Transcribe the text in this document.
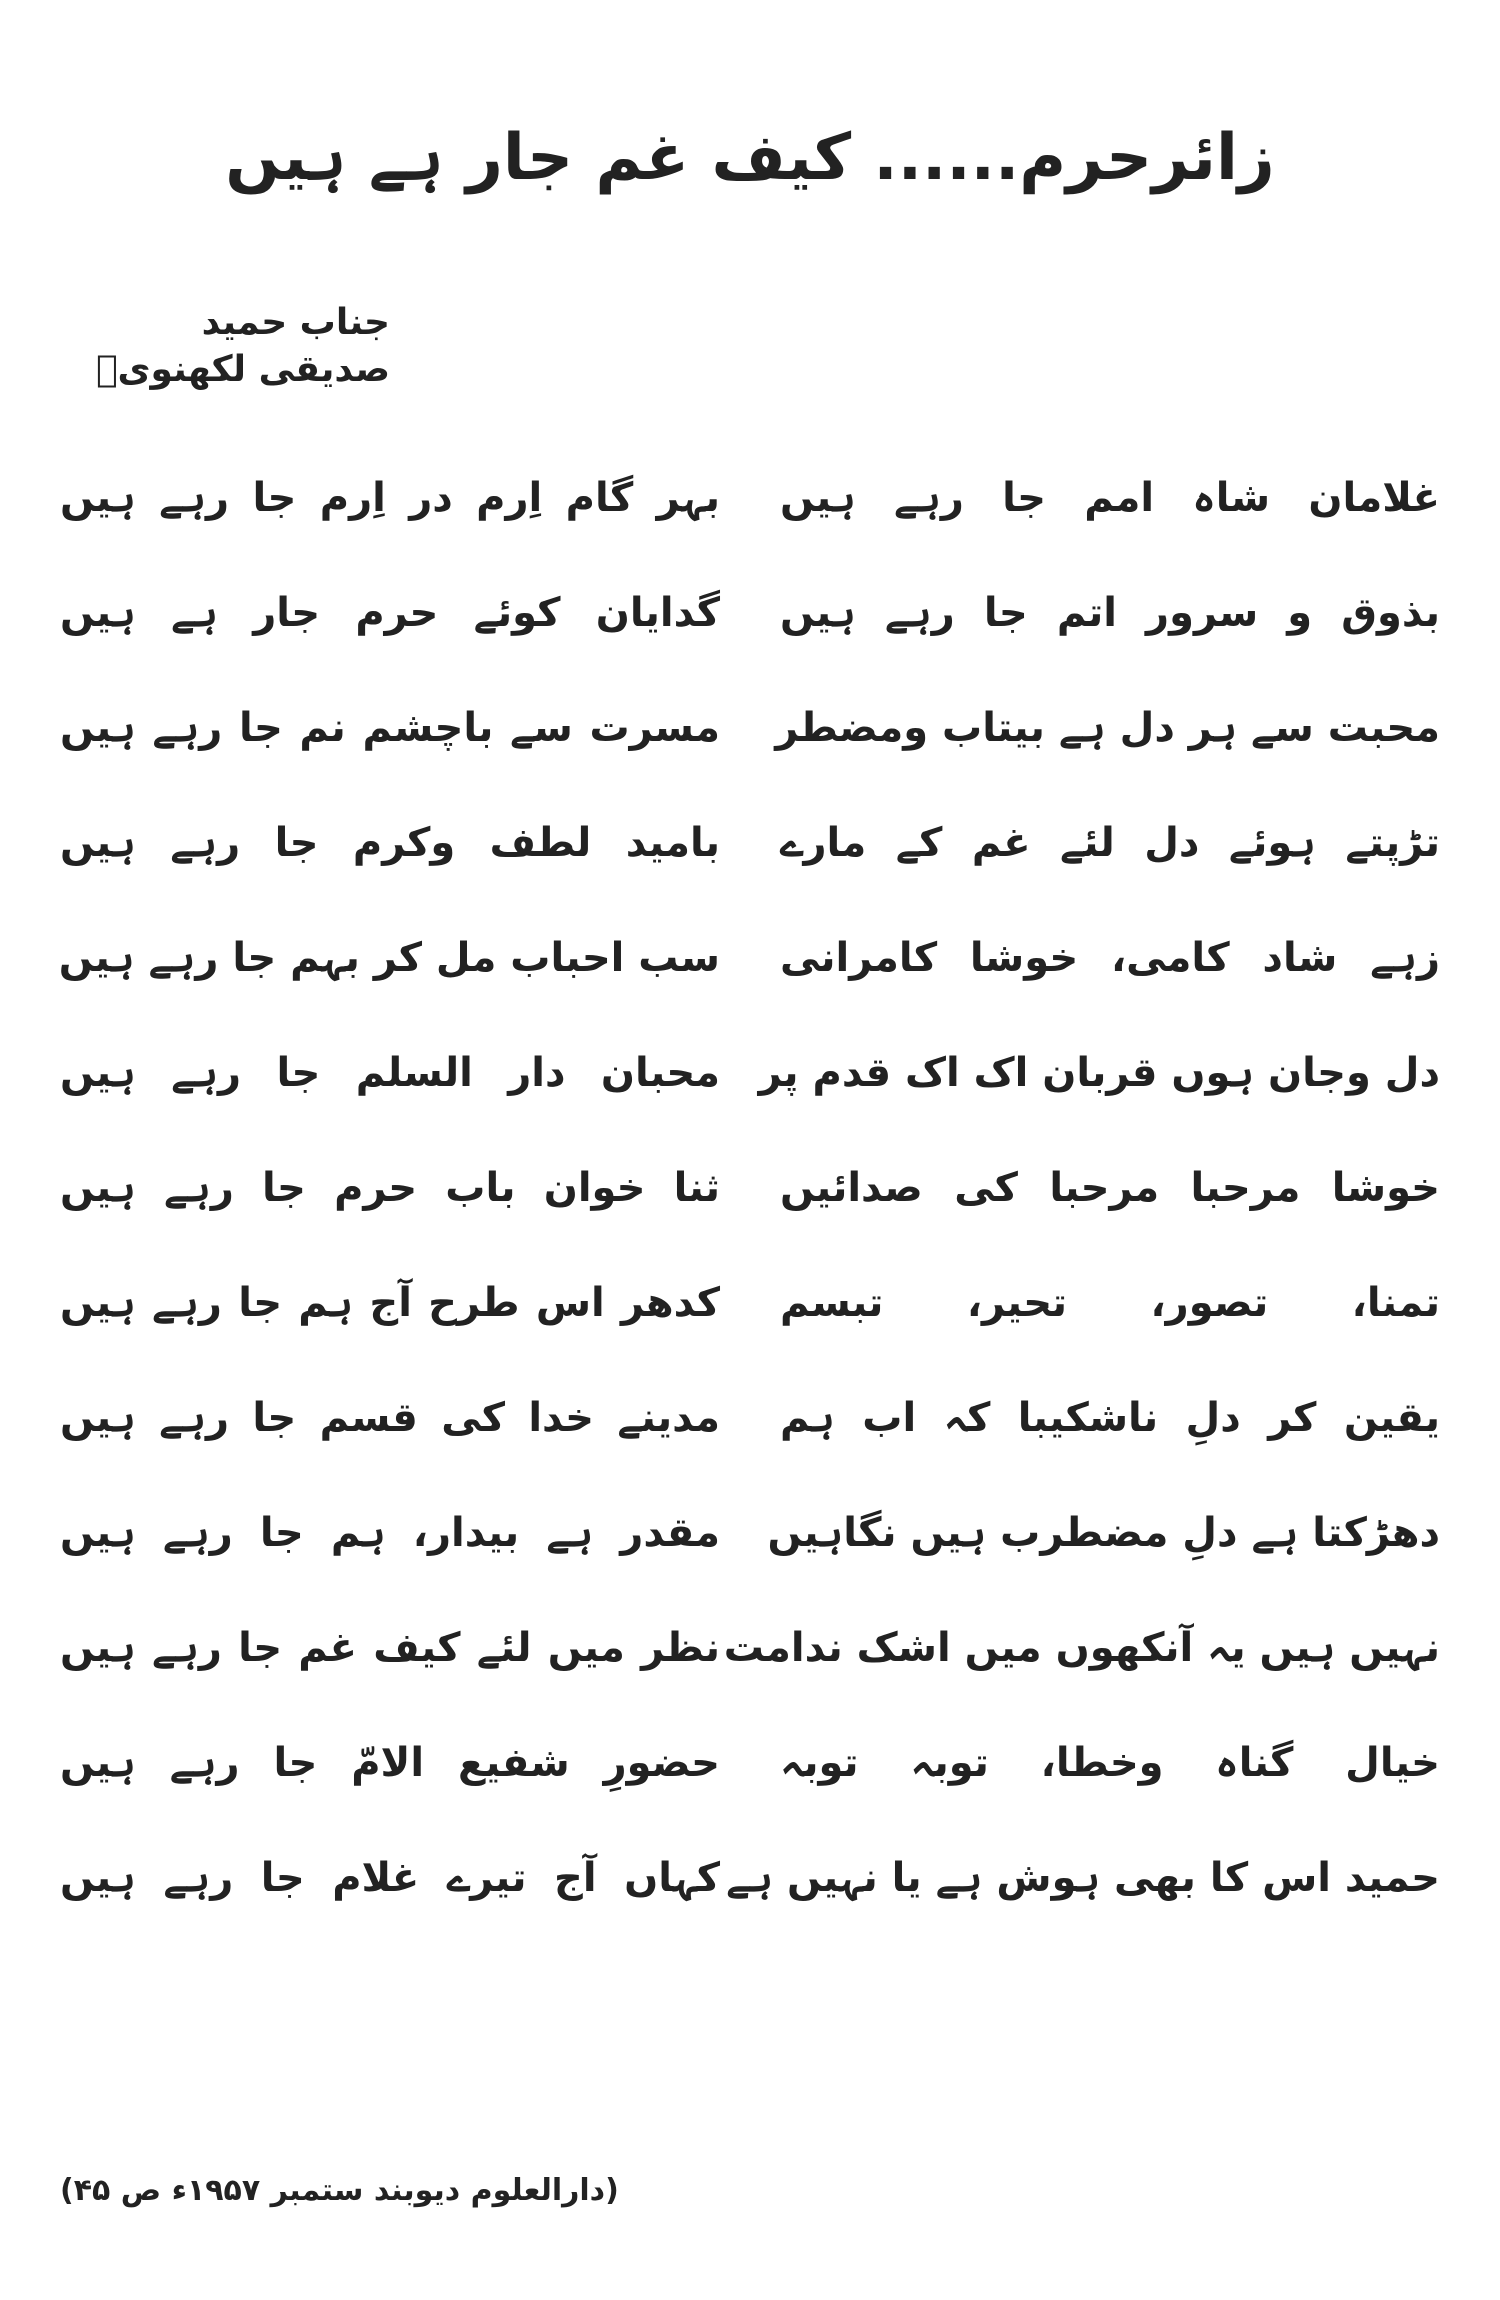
زائرحرم...... کیف غم جار ہے ہیں
جناب حمید صدیقی لکھنویؒ
غلامان شاہ امم جا رہے ہیں
بہر گام اِرم در اِرم جا رہے ہیں
بذوق و سرور اتم جا رہے ہیں
گدایان کوئے حرم جار ہے ہیں
محبت سے ہر دل ہے بیتاب ومضطر
مسرت سے باچشم نم جا رہے ہیں
تڑپتے ہوئے دل لئے غم کے مارے
بامید لطف وکرم جا رہے ہیں
زہے شاد کامی، خوشا کامرانی
سب احباب مل کر بہم جا رہے ہیں
دل وجان ہوں قربان اک اک قدم پر
محبان دار السلم جا رہے ہیں
خوشا مرحبا مرحبا کی صدائیں
ثنا خوان باب حرم جا رہے ہیں
تمنا، تصور، تحیر، تبسم
کدھر اس طرح آج ہم جا رہے ہیں
یقین کر دلِ ناشکیبا کہ اب ہم
مدینے خدا کی قسم جا رہے ہیں
دھڑکتا ہے دلِ مضطرب ہیں نگاہیں
مقدر ہے بیدار، ہم جا رہے ہیں
نہیں ہیں یہ آنکھوں میں اشک ندامت
نظر میں لئے کیف غم جا رہے ہیں
خیال گناہ وخطا، توبہ توبہ
حضورِ شفیع الامّ جا رہے ہیں
حمید اس کا بھی ہوش ہے یا نہیں ہے
کہاں آج تیرے غلام جا رہے ہیں
(دارالعلوم دیوبند ستمبر ۱۹۵۷ء ص ۴۵)
